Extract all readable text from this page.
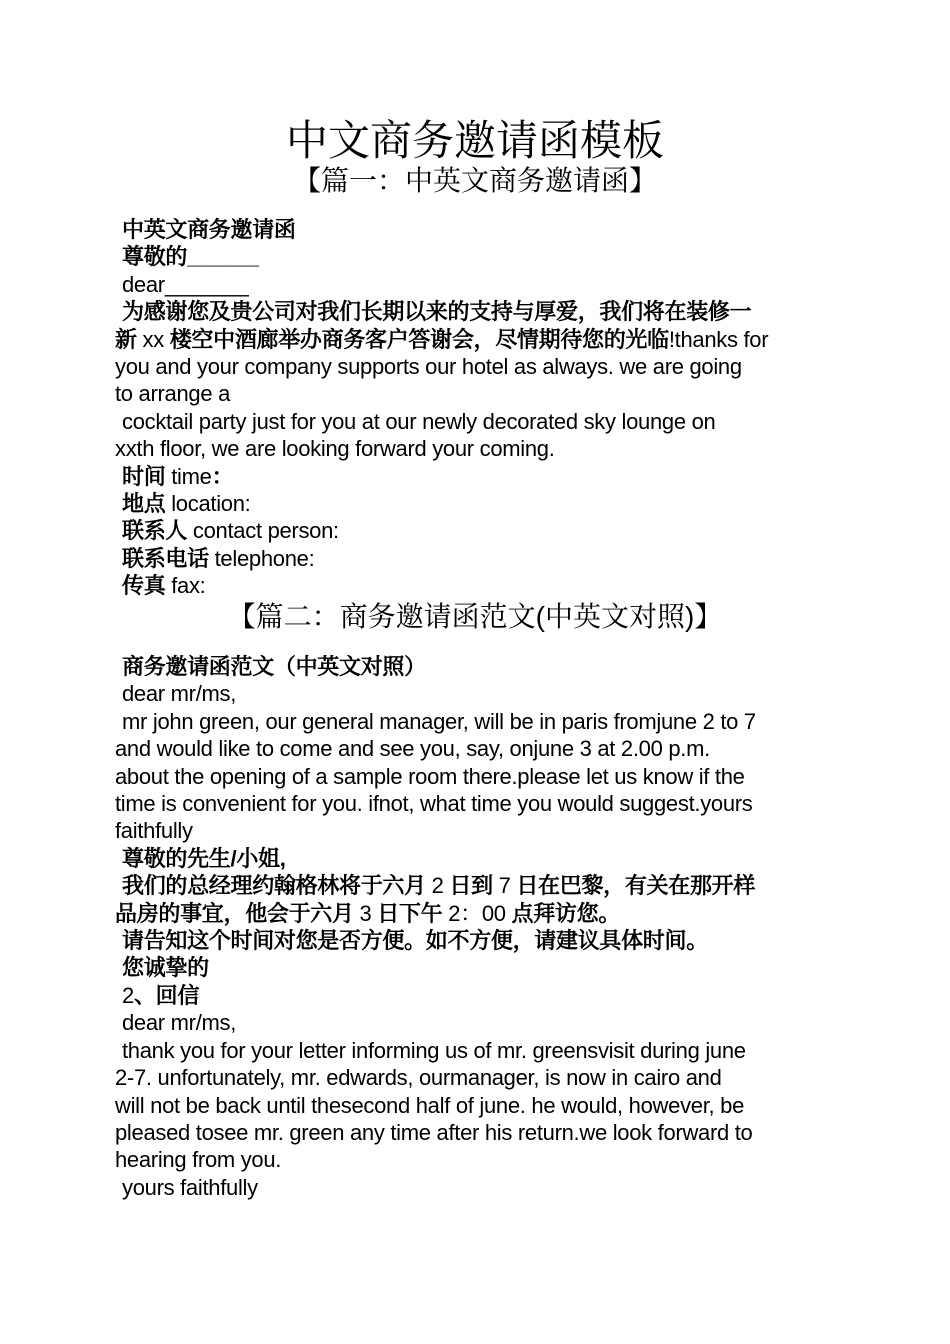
中文商务邀请函模板
【篇一：中英文商务邀请函】
中英文商务邀请函
尊敬的______
dear_______
为感谢您及贵公司对我们长期以来的支持与厚爱，我们将在装修一
新 xx 楼空中酒廊举办商务客户答谢会，尽情期待您的光临!thanks for
you and your company supports our hotel as always. we are going
to arrange a
cocktail party just for you at our newly decorated sky lounge on
xxth floor, we are looking forward your coming.
时间 time：
地点 location:
联系人 contact person:
联系电话 telephone:
传真 fax:
【篇二：商务邀请函范文(中英文对照)】
商务邀请函范文（中英文对照）
dear mr/ms,
mr john green, our general manager, will be in paris fromjune 2 to 7
and would like to come and see you, say, onjune 3 at 2.00 p.m.
about the opening of a sample room there.please let us know if the
time is convenient for you. ifnot, what time you would suggest.yours
faithfully
尊敬的先生/小姐,
我们的总经理约翰格林将于六月 2 日到 7 日在巴黎，有关在那开样
品房的事宜，他会于六月 3 日下午 2：00 点拜访您。
请告知这个时间对您是否方便。如不方便，请建议具体时间。
您诚挚的
2、回信
dear mr/ms,
thank you for your letter informing us of mr. greensvisit during june
2-7. unfortunately, mr. edwards, ourmanager, is now in cairo and
will not be back until thesecond half of june. he would, however, be
pleased tosee mr. green any time after his return.we look forward to
hearing from you.
yours faithfully
